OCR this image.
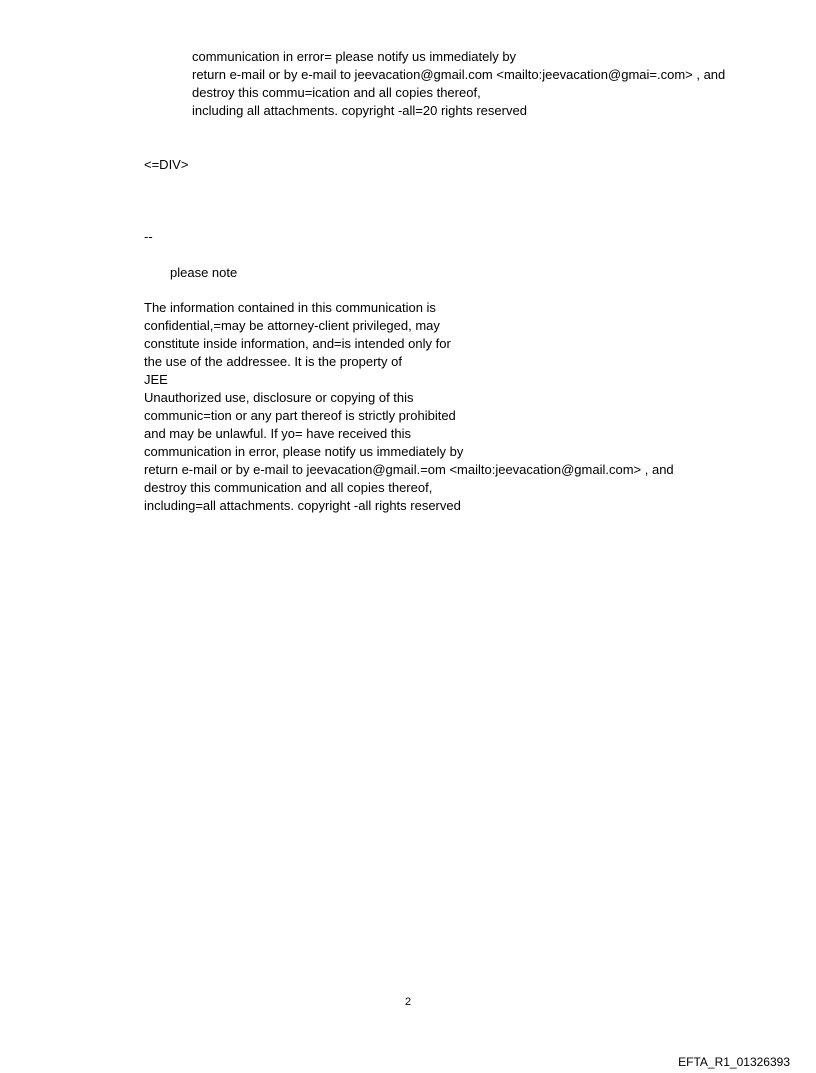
communication in error= please notify us immediately by
return e-mail or by e-mail to jeevacation@gmail.com <mailto:jeevacation@gmai=.com> , and
destroy this commu=ication and all copies thereof,
including all attachments. copyright -all=20 rights reserved
<=DIV>
--
please note
The information contained in this communication is
confidential,=may be attorney-client privileged, may
constitute inside information, and=is intended only for
the use of the addressee. It is the property of
JEE
Unauthorized use, disclosure or copying of this
communic=tion or any part thereof is strictly prohibited
and may be unlawful. If yo= have received this
communication in error, please notify us immediately by
return e-mail or by e-mail to jeevacation@gmail.=om <mailto:jeevacation@gmail.com> , and
destroy this communication and all copies thereof,
including=all attachments. copyright -all rights reserved
2
EFTA_R1_01326393
